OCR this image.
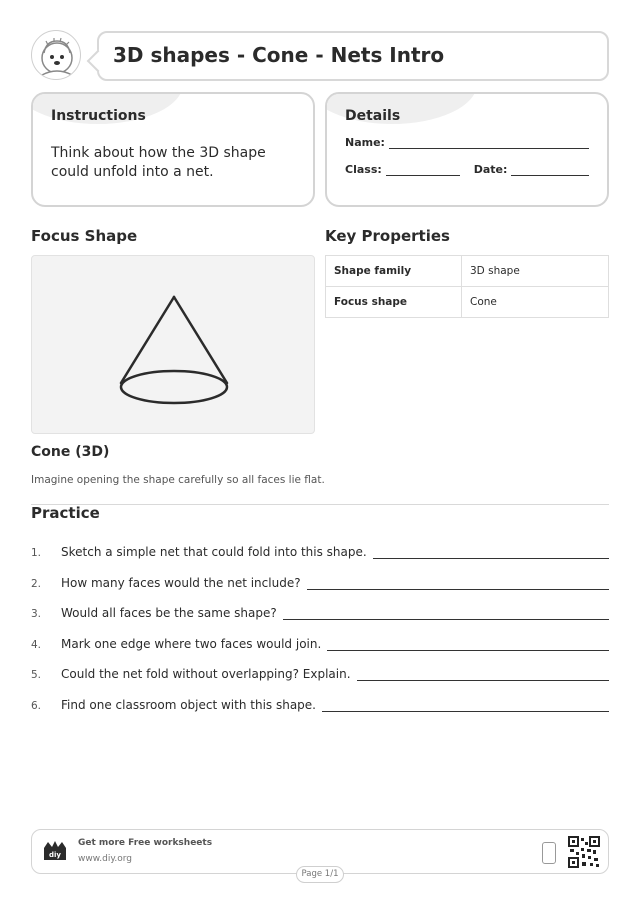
3D shapes - Cone - Nets Intro
Instructions

Think about how the 3D shape could unfold into a net.

Details
Name:
Class:	Date:
Focus Shape	Key Properties
Shape family	3D shape
Focus shape	Cone
Cone (3D)
Imagine opening the shape carefully so all faces lie flat.
Practice
1.	Sketch a simple net that could fold into this shape.
2.	How many faces would the net include?
3.	Would all faces be the same shape?
4.	Mark one edge where two faces would join.
5.	Could the net fold without overlapping? Explain.
6.	Find one classroom object with this shape.
diy
Get more Free worksheets
www.diy.org
Page 1/1
